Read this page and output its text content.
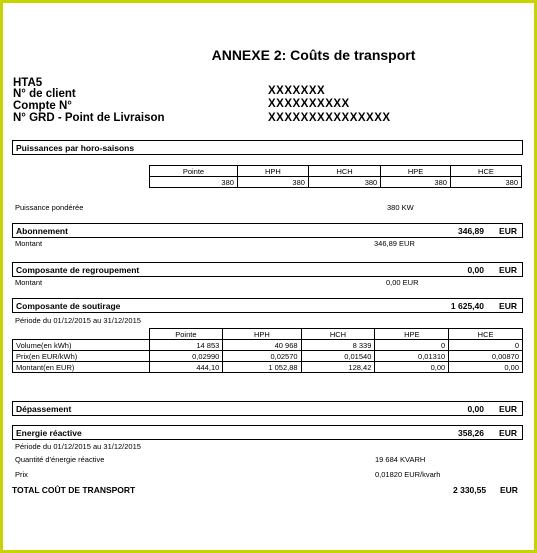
ANNEXE 2: Coûts de transport
HTA5
N° de client	XXXXXXX
Compte N°	XXXXXXXXXX
N° GRD - Point de Livraison	XXXXXXXXXXXXXXX
Puissances par horo-saisons
Pointe	HPH	HCH	HPE	HCE
380	380	380	380	380
Puissance pondérée	380 KW
Abonnement	346,89 EUR
Montant	346,89 EUR
Composante de regroupement	0,00 EUR
Montant	0,00 EUR
Composante de soutirage	1 625,40 EUR
Période du 01/12/2015 au 31/12/2015
	Pointe	HPH	HCH	HPE	HCE
Volume(en kWh)	14 853	40 968	8 339	0	0
Prix(en EUR/kWh)	0,02990	0,02570	0,01540	0,01310	0,00870
Montant(en EUR)	444,10	1 052,88	128,42	0,00	0,00
Dépassement	0,00 EUR
Energie réactive	358,26 EUR
Période du 01/12/2015 au 31/12/2015
Quantité d'énergie réactive	19 684 KVARH
Prix	0,01820 EUR/kvarh
TOTAL COÛT DE TRANSPORT	2 330,55 EUR
